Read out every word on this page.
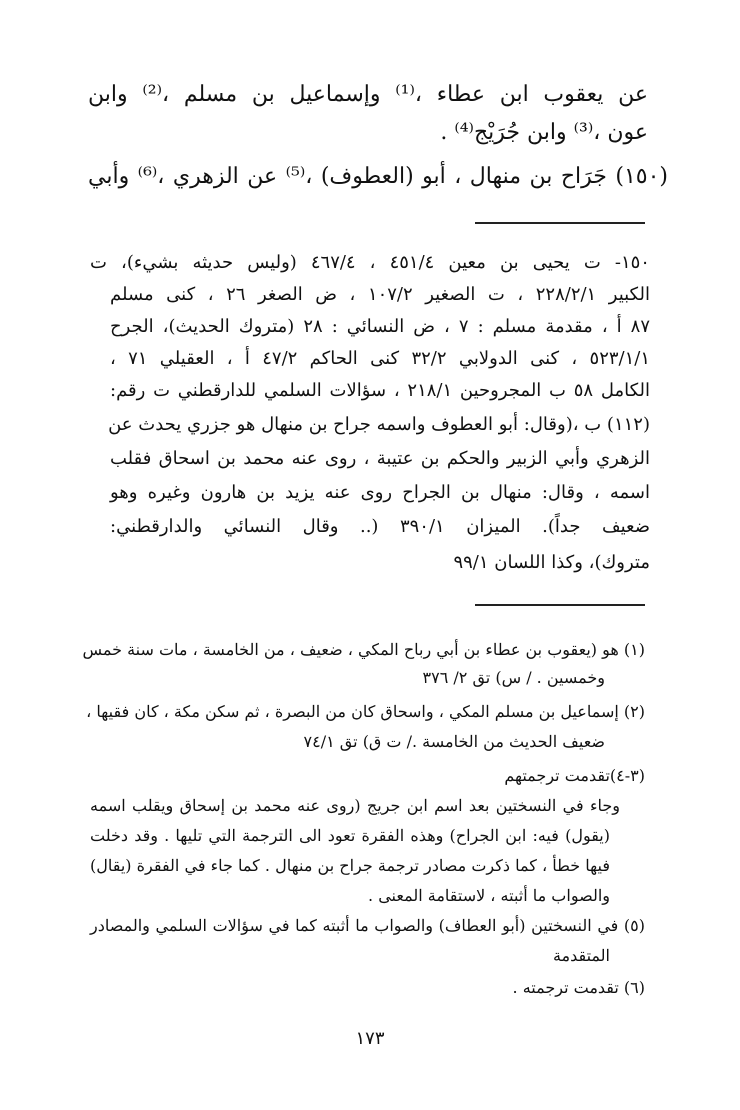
عن يعقوب ابن عطاء ،⁽¹⁾ وإسماعيل بن مسلم ،⁽²⁾ وابن
عون ،⁽³⁾ وابن جُرَيْج⁽⁴⁾ .
(١٥٠) جَرَاح بن منهال ، أبو (العطوف) ،⁽⁵⁾ عن الزهري ،⁽⁶⁾ وأبي
١٥٠- ت يحيى بن معين ٤٥١/٤ ، ٤٦٧/٤ (وليس حديثه بشيء)، ت
الكبير ٢٢٨/٢/١ ، ت الصغير ١٠٧/٢ ، ض الصغر ٢٦ ، كنى مسلم
٨٧ أ ، مقدمة مسلم : ٧ ، ض النسائي : ٢٨ (متروك الحديث)، الجرح
٥٢٣/١/١ ، كنى الدولابي ٣٢/٢ كنى الحاكم ٤٧/٢ أ ، العقيلي ٧١ ،
الكامل ٥٨ ب المجروحين ٢١٨/١ ، سؤالات السلمي للدارقطني ت رقم:
(١١٢) ب ،(وقال: أبو العطوف واسمه جراح بن منهال هو جزري يحدث عن
الزهري وأبي الزبير والحكم بن عتيبة ، روى عنه محمد بن اسحاق فقلب
اسمه ، وقال: منهال بن الجراح روى عنه يزيد بن هارون وغيره وهو
ضعيف جداً). الميزان ٣٩٠/١ (.. وقال النسائي والدارقطني:
متروك)، وكذا اللسان ٩٩/١
(١) هو (يعقوب بن عطاء بن أبي رباح المكي ، ضعيف ، من الخامسة ، مات سنة خمس
وخمسين . / س) تق ٢/ ٣٧٦
(٢) إسماعيل بن مسلم المكي ، واسحاق كان من البصرة ، ثم سكن مكة ، كان فقيها ،
ضعيف الحديث من الخامسة ./ ت ق) تق ٧٤/١
(٣-٤)تقدمت ترجمتهم
وجاء في النسختين بعد اسم ابن جريج (روى عنه محمد بن إسحاق ويقلب اسمه
(يقول) فيه: ابن الجراح) وهذه الفقرة تعود الى الترجمة التي تليها . وقد دخلت
فيها خطأ ، كما ذكرت مصادر ترجمة جراح بن منهال . كما جاء في الفقرة (يقال)
والصواب ما أثبته ، لاستقامة المعنى .
(٥) في النسختين (أبو العطاف) والصواب ما أثبته كما في سؤالات السلمي والمصادر
المتقدمة
(٦) تقدمت ترجمته .
١٧٣
